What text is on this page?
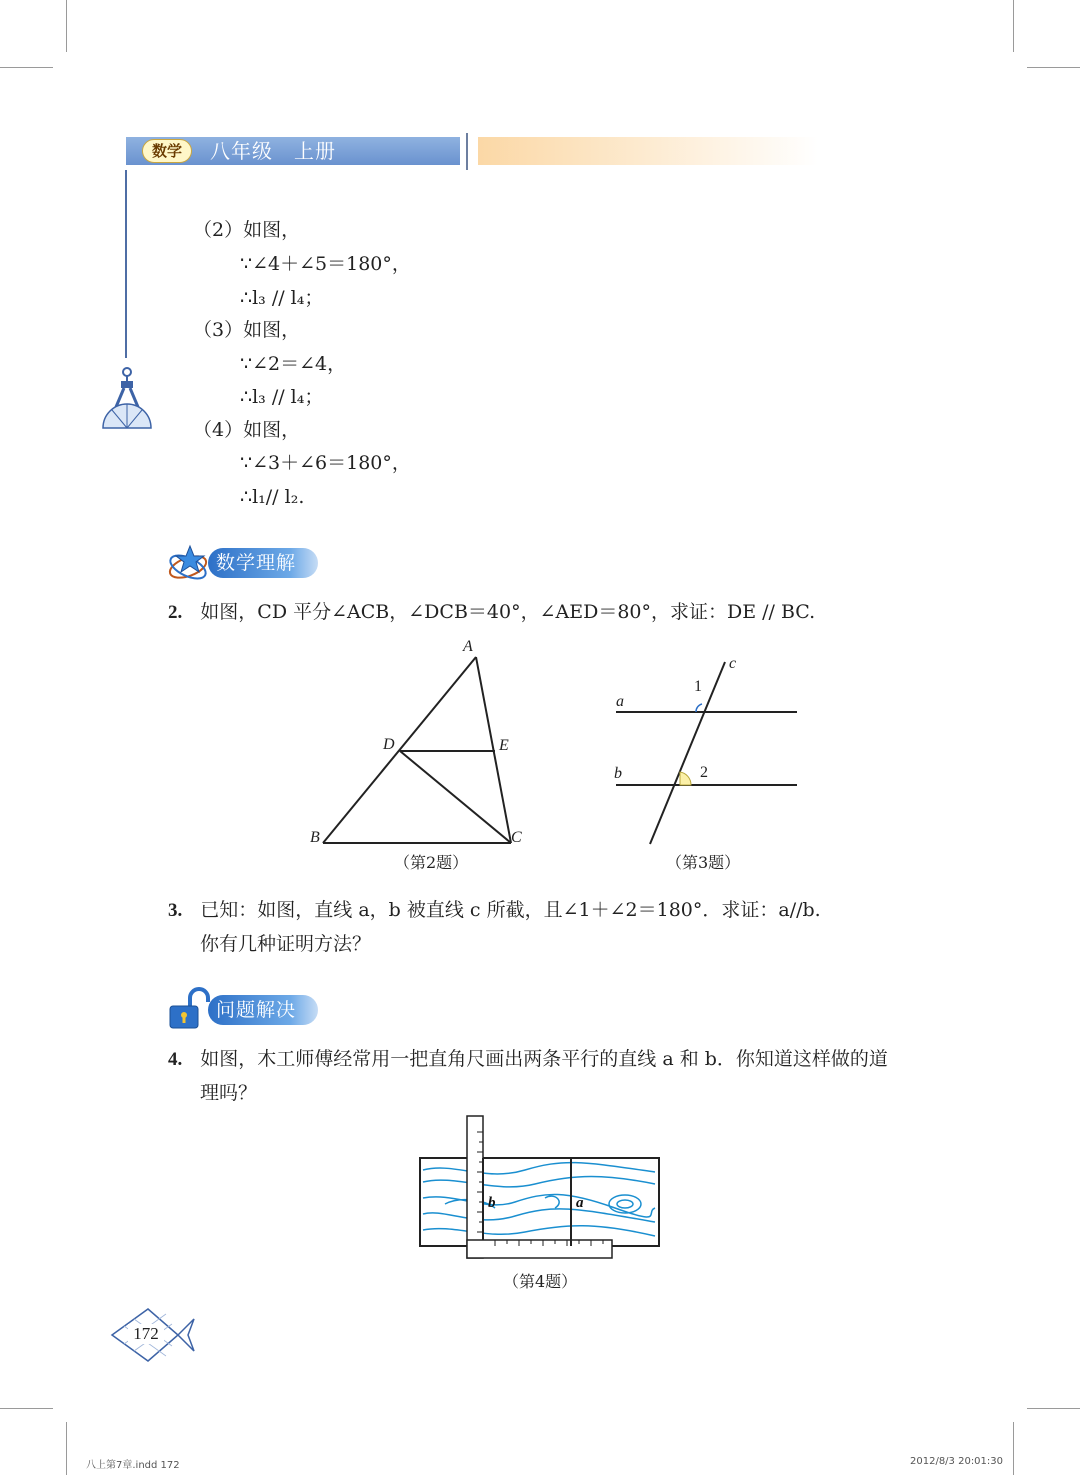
数学	八年级　上册
（2）如图，
∵∠4＋∠5＝180°，
∴l₃ // l₄；
（3）如图，
∵∠2＝∠4，
∴l₃ // l₄；
（4）如图，
∵∠3＋∠6＝180°，
∴l₁// l₂.
数学理解
2. 如图，CD 平分∠ACB，∠DCB＝40°，∠AED＝80°，求证：DE // BC.
A
B	C
D	E
（第2题）
a
b
c
1
2
（第3题）
3. 已知：如图，直线 a，b 被直线 c 所截，且∠1＋∠2＝180°．求证：a//b.
你有几种证明方法？
问题解决
4. 如图，木工师傅经常用一把直角尺画出两条平行的直线 a 和 b．你知道这样做的道
理吗？
b	a
（第4题）
172
八上第7章.indd 172	2012/8/3 20:01:30
